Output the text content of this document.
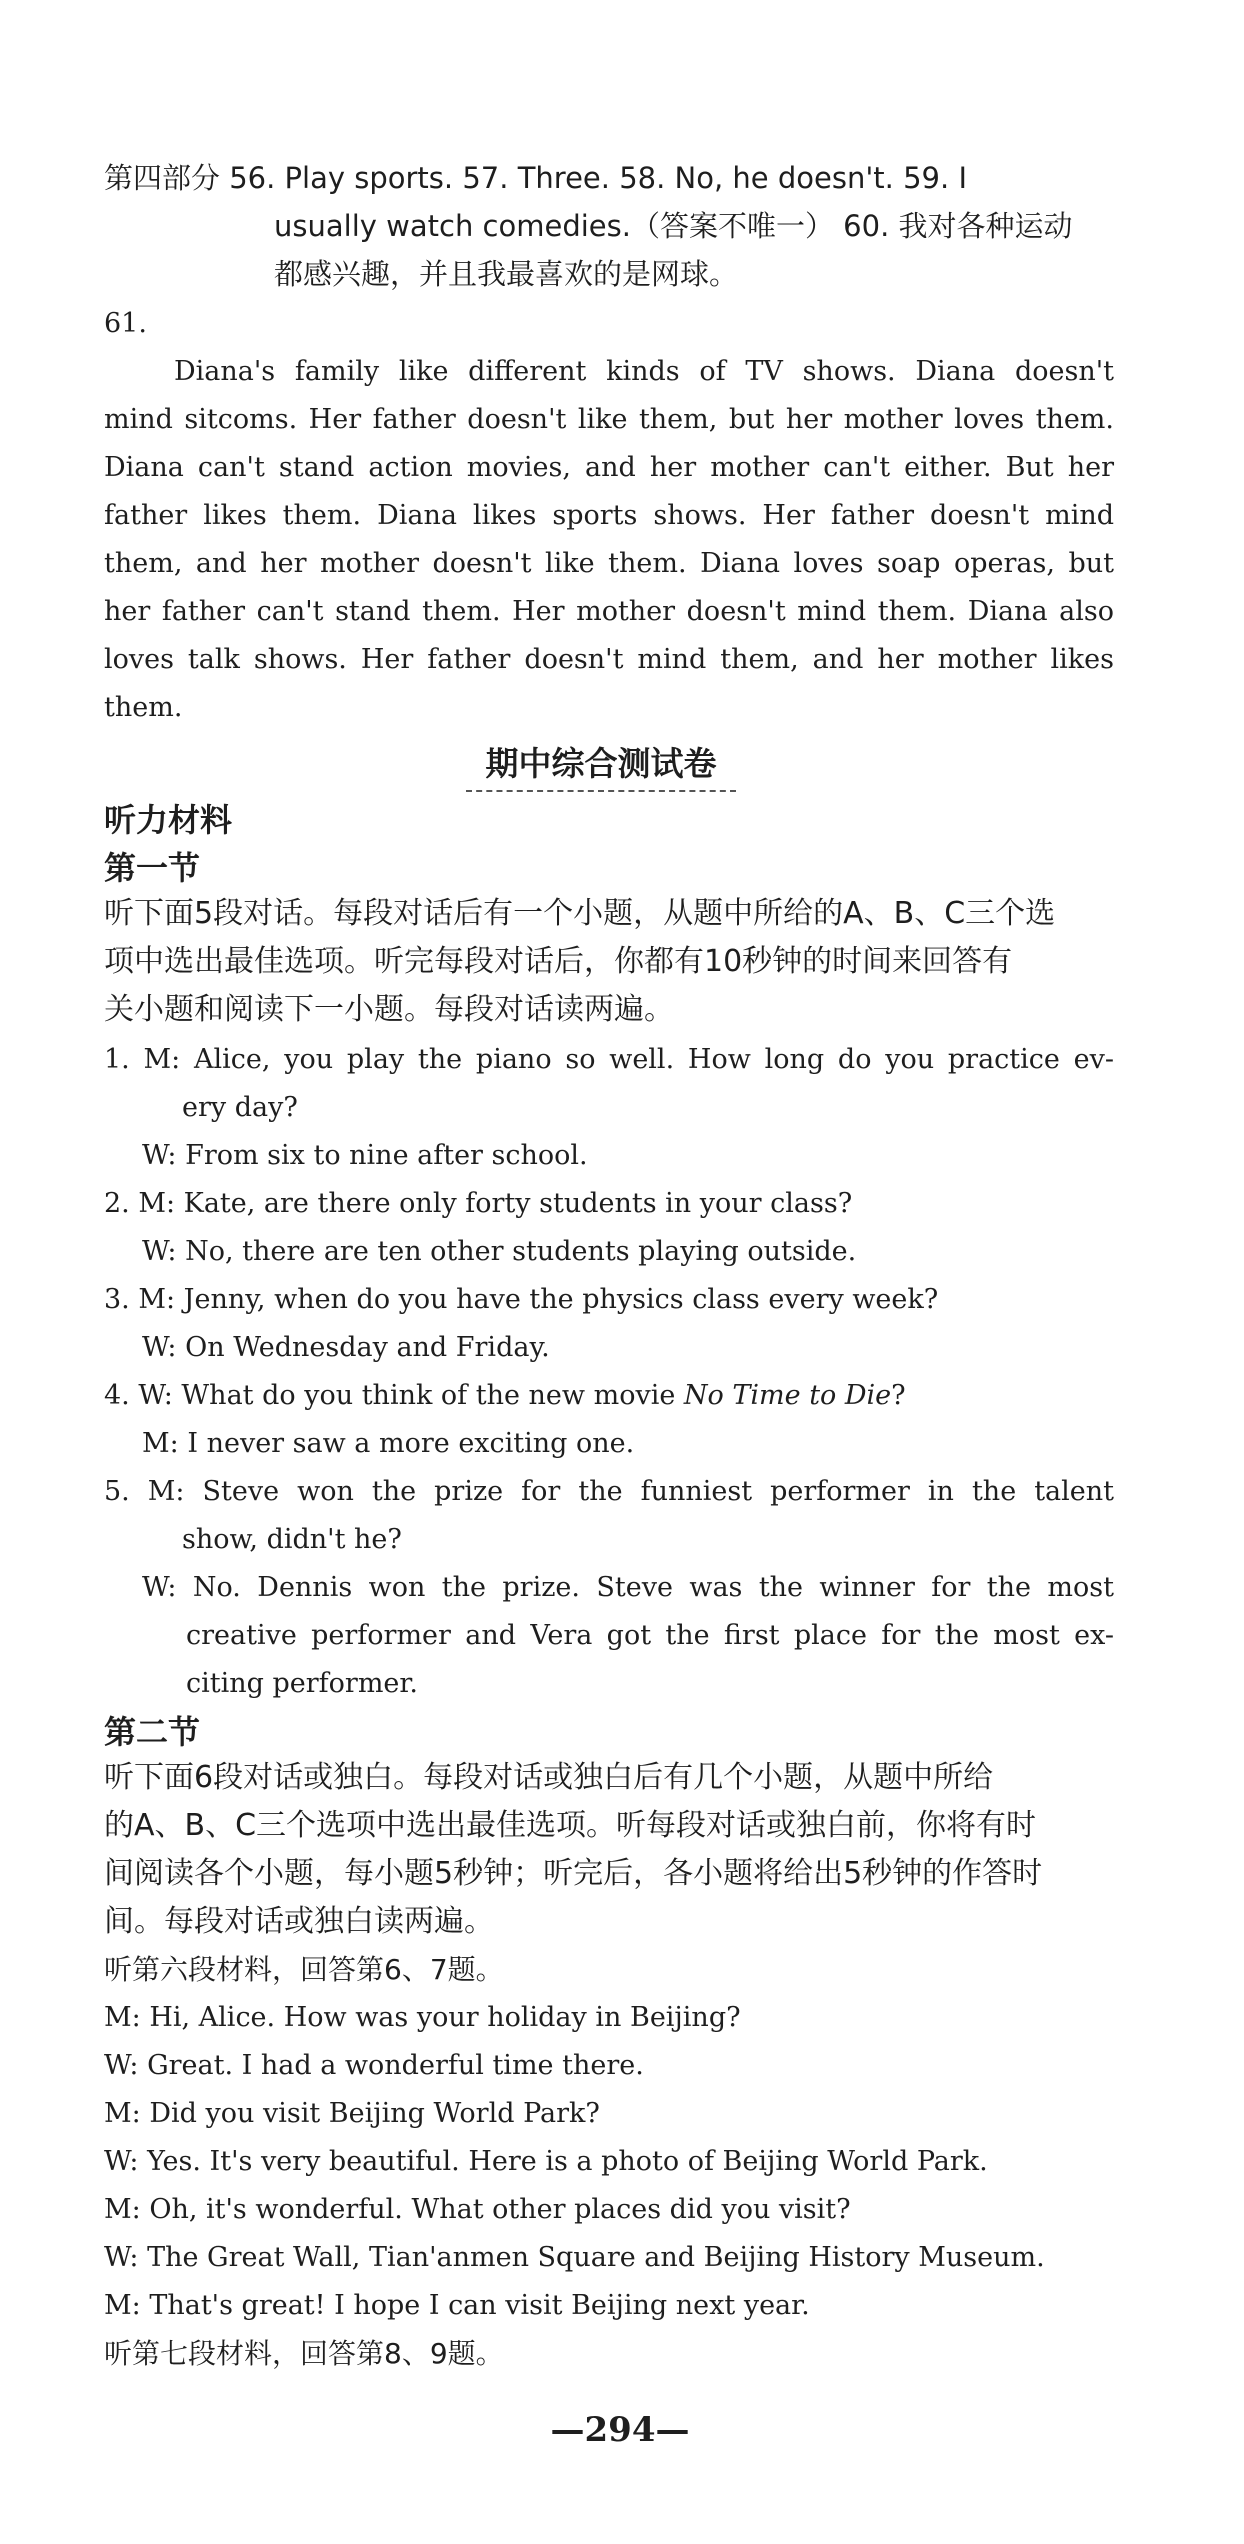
第四部分 56. Play sports. 57. Three. 58. No, he doesn't. 59. I
usually watch comedies.（答案不唯一） 60. 我对各种运动
都感兴趣，并且我最喜欢的是网球。
61.
Diana's family like different kinds of TV shows. Diana doesn't
mind sitcoms. Her father doesn't like them, but her mother loves them.
Diana can't stand action movies, and her mother can't either. But her
father likes them. Diana likes sports shows. Her father doesn't mind
them, and her mother doesn't like them. Diana loves soap operas, but
her father can't stand them. Her mother doesn't mind them. Diana also
loves talk shows. Her father doesn't mind them, and her mother likes
them.
期中综合测试卷
听力材料
第一节
听下面5段对话。每段对话后有一个小题，从题中所给的A、B、C三个选
项中选出最佳选项。听完每段对话后，你都有10秒钟的时间来回答有
关小题和阅读下一小题。每段对话读两遍。
1. M: Alice, you play the piano so well. How long do you practice ev-
ery day?
W: From six to nine after school.
2. M: Kate, are there only forty students in your class?
W: No, there are ten other students playing outside.
3. M: Jenny, when do you have the physics class every week?
W: On Wednesday and Friday.
4. W: What do you think of the new movie No Time to Die?
M: I never saw a more exciting one.
5. M: Steve won the prize for the funniest performer in the talent
show, didn't he?
W: No. Dennis won the prize. Steve was the winner for the most
creative performer and Vera got the first place for the most ex-
citing performer.
第二节
听下面6段对话或独白。每段对话或独白后有几个小题，从题中所给
的A、B、C三个选项中选出最佳选项。听每段对话或独白前，你将有时
间阅读各个小题，每小题5秒钟；听完后，各小题将给出5秒钟的作答时
间。每段对话或独白读两遍。
听第六段材料，回答第6、7题。
M: Hi, Alice. How was your holiday in Beijing?
W: Great. I had a wonderful time there.
M: Did you visit Beijing World Park?
W: Yes. It's very beautiful. Here is a photo of Beijing World Park.
M: Oh, it's wonderful. What other places did you visit?
W: The Great Wall, Tian'anmen Square and Beijing History Museum.
M: That's great! I hope I can visit Beijing next year.
听第七段材料，回答第8、9题。
—294—
